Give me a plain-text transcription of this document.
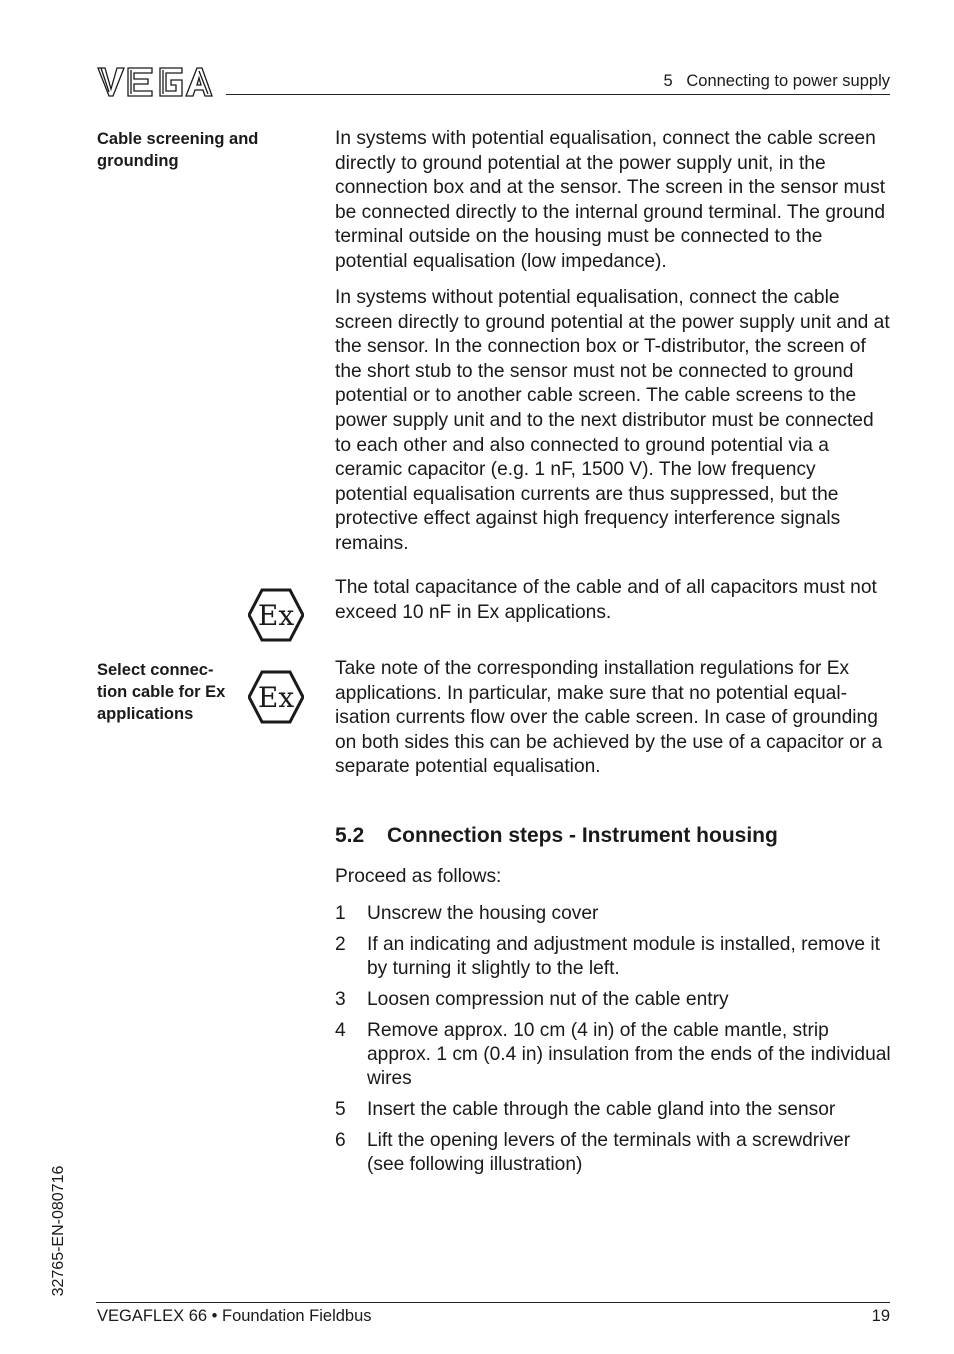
VEGA
5   Connecting to power supply
Cable screening and grounding

In systems with potential equalisation, connect the cable screen directly to ground potential at the power supply unit, in the connection box and at the sensor. The screen in the sensor must be connected directly to the internal ground terminal. The ground terminal outside on the housing must be connected to the potential equalisation (low impedance).

In systems without potential equalisation, connect the cable screen directly to ground potential at the power supply unit and at the sensor. In the connection box or T-distributor, the screen of the short stub to the sensor must not be connected to ground potential or to another cable screen. The cable screens to the power supply unit and to the next distributor must be connected to each other and also connected to ground potential via a ceramic capacitor (e.g. 1 nF, 1500 V). The low frequency potential equalisation currents are thus suppressed, but the protective effect against high frequency interference signals remains.

Ex

The total capacitance of the cable and of all capacitors must not exceed 10 nF in Ex applications.

Select connec-
tion cable for Ex
applications	Ex

Take note of the corresponding installation regulations for Ex applications. In particular, make sure that no potential equal- isation currents flow over the cable screen. In case of grounding on both sides this can be achieved by the use of a capacitor or a separate potential equalisation.

5.2 Connection steps - Instrument housing

Proceed as follows:

1	Unscrew the housing cover
2	If an indicating and adjustment module is installed, remove it by turning it slightly to the left.
3	Loosen compression nut of the cable entry
4	Remove approx. 10 cm (4 in) of the cable mantle, strip approx. 1 cm (0.4 in) insulation from the ends of the individual wires
5	Insert the cable through the cable gland into the sensor
6	Lift the opening levers of the terminals with a screwdriver (see following illustration)
32765-EN-080716
VEGAFLEX 66 • Foundation Fieldbus	19
